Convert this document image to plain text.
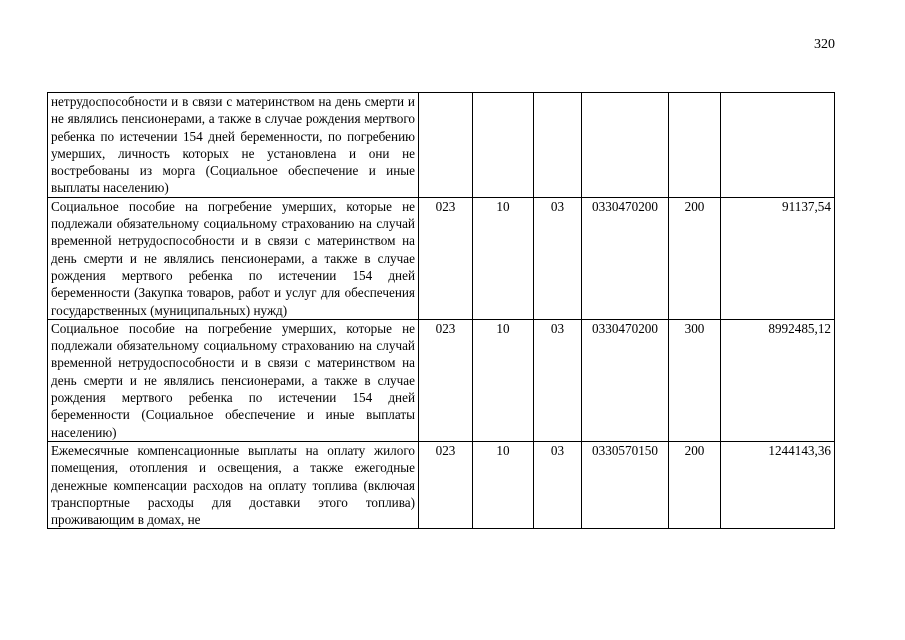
320
нетрудоспособности и в связи с материнством на день смерти и не являлись пенсионерами, а также в случае рождения мертвого ребенка по истечении 154 дней беременности, по погребению умерших, личность которых не установлена и они не востребованы из морга (Социальное обеспечение и иные выплаты населению)						
Социальное пособие на погребение умерших, которые не подлежали обязательному социальному страхованию на случай временной нетрудоспособности и в связи с материнством на день смерти и не являлись пенсионерами, а также в случае рождения мертвого ребенка по истечении 154 дней беременности (Закупка товаров, работ и услуг для обеспечения государственных (муниципальных) нужд)	023	10	03	0330470200	200	91137,54
Социальное пособие на погребение умерших, которые не подлежали обязательному социальному страхованию на случай временной нетрудоспособности и в связи с материнством на день смерти и не являлись пенсионерами, а также в случае рождения мертвого ребенка по истечении 154 дней беременности (Социальное обеспечение и иные выплаты населению)	023	10	03	0330470200	300	8992485,12
Ежемесячные компенсационные выплаты на оплату жилого помещения, отопления и освещения, а также ежегодные денежные компенсации расходов на оплату топлива (включая транспортные расходы для доставки этого топлива) проживающим в домах, не	023	10	03	0330570150	200	1244143,36
